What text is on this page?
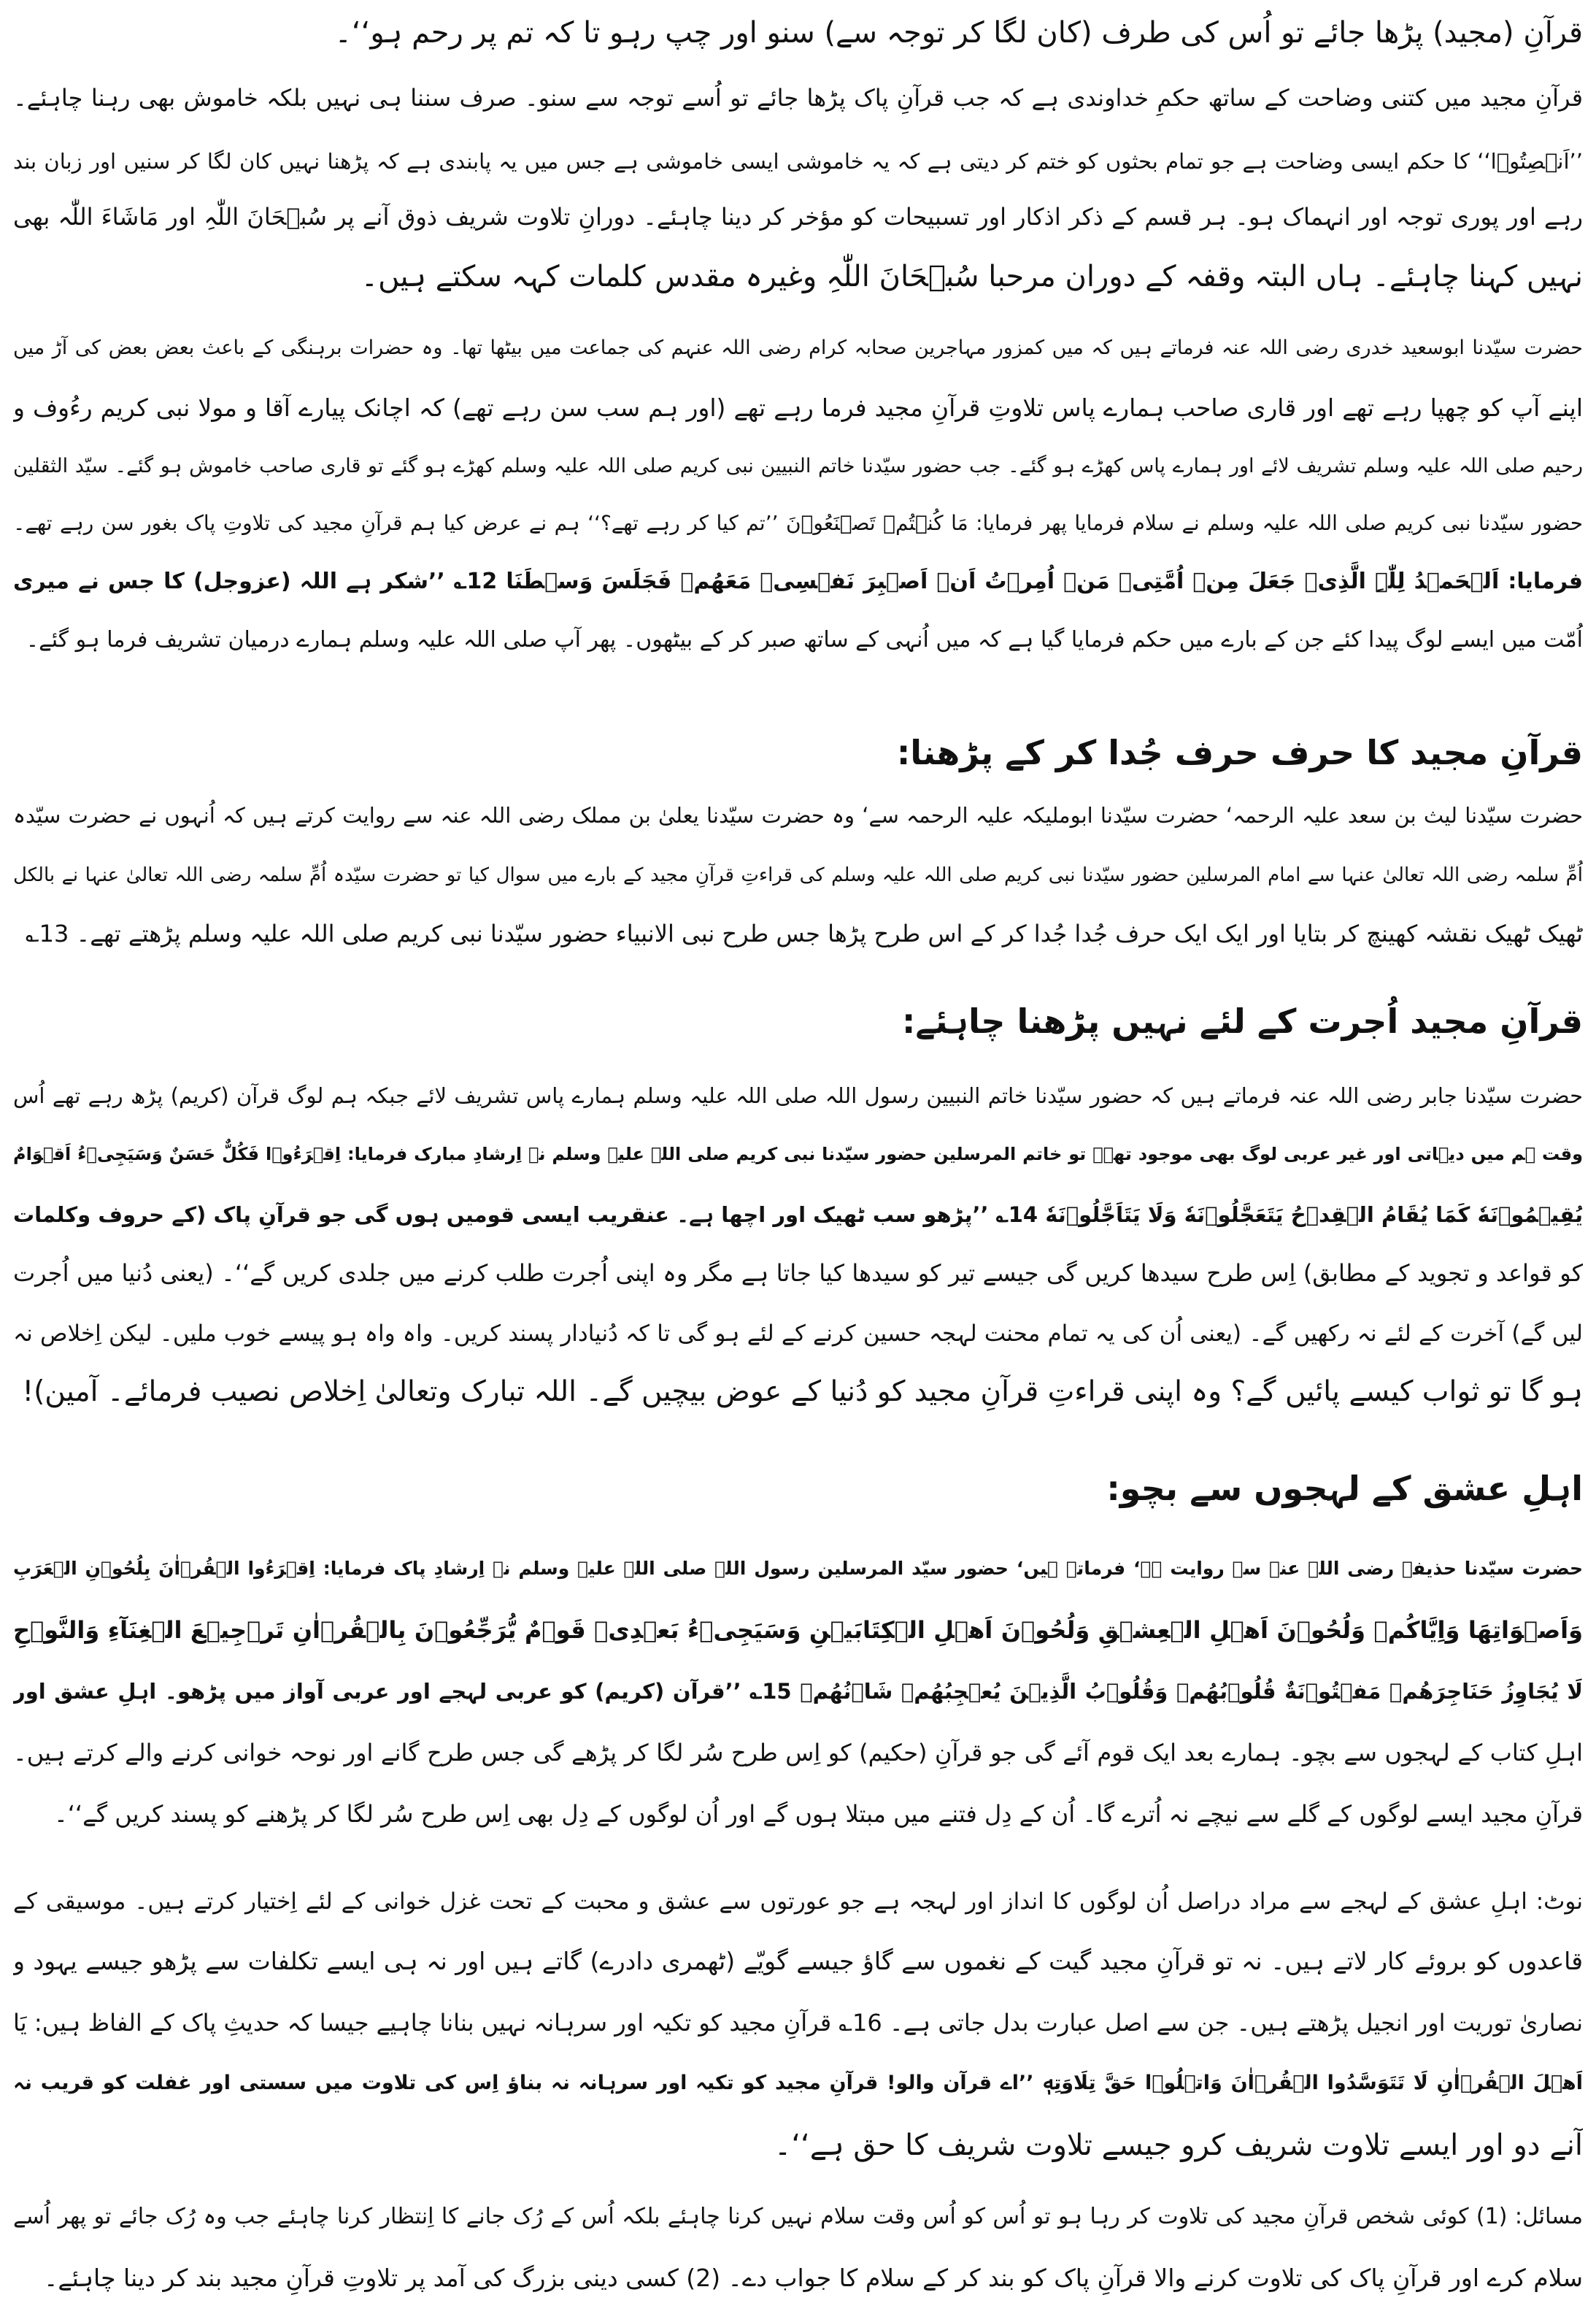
قرآنِ (مجید) پڑھا جائے تو اُس کی طرف (کان لگا کر توجہ سے) سنو اور چپ رہو تا کہ تم پر رحم ہو‘‘۔
قرآنِ مجید میں کتنی وضاحت کے ساتھ حکمِ خداوندی ہے کہ جب قرآنِ پاک پڑھا جائے تو اُسے توجہ سے سنو۔ صرف سننا ہی نہیں بلکہ خاموش بھی رہنا چاہئے۔
’’اَنۡصِتُوۡا‘‘ کا حکم ایسی وضاحت ہے جو تمام بحثوں کو ختم کر دیتی ہے کہ یہ خاموشی ایسی خاموشی ہے جس میں یہ پابندی ہے کہ پڑھنا نہیں کان لگا کر سنیں اور زبان بند
رہے اور پوری توجہ اور انہماک ہو۔ ہر قسم کے ذکر اذکار اور تسبیحات کو مؤخر کر دینا چاہئے۔ دورانِ تلاوت شریف ذوق آنے پر سُبۡحَانَ اللّٰہِ اور مَاشَاءَ اللّٰہ بھی
نہیں کہنا چاہئے۔ ہاں البتہ وقفہ کے دوران مرحبا سُبۡحَانَ اللّٰہِ وغیرہ مقدس کلمات کہہ سکتے ہیں۔
حضرت سیّدنا ابوسعید خدری رضی اللہ عنہ فرماتے ہیں کہ میں کمزور مہاجرین صحابہ کرام رضی اللہ عنہم کی جماعت میں بیٹھا تھا۔ وہ حضرات برہنگی کے باعث بعض بعض کی آڑ میں
اپنے آپ کو چھپا رہے تھے اور قاری صاحب ہمارے پاس تلاوتِ قرآنِ مجید فرما رہے تھے (اور ہم سب سن رہے تھے) کہ اچانک پیارے آقا و مولا نبی کریم رءُوف و
رحیم صلی اللہ علیہ وسلم تشریف لائے اور ہمارے پاس کھڑے ہو گئے۔ جب حضور سیّدنا خاتم النبیین نبی کریم صلی اللہ علیہ وسلم کھڑے ہو گئے تو قاری صاحب خاموش ہو گئے۔ سیّد الثقلین
حضور سیّدنا نبی کریم صلی اللہ علیہ وسلم نے سلام فرمایا پھر فرمایا: مَا کُنۡتُمۡ تَصۡنَعُوۡنَ ’’تم کیا کر رہے تھے؟‘‘ ہم نے عرض کیا ہم قرآنِ مجید کی تلاوتِ پاک بغور سن رہے تھے۔
فرمایا: اَلۡحَمۡدُ لِلّٰہِ الَّذِیۡ جَعَلَ مِنۡ اُمَّتِیۡ مَنۡ اُمِرۡتُ اَنۡ اَصۡبِرَ نَفۡسِیۡ مَعَهُمۡ فَجَلَسَ وَسۡطَنَا 12؎ ’’شکر ہے اللہ (عزوجل) کا جس نے میری
اُمّت میں ایسے لوگ پیدا کئے جن کے بارے میں حکم فرمایا گیا ہے کہ میں اُنہی کے ساتھ صبر کر کے بیٹھوں۔ پھر آپ صلی اللہ علیہ وسلم ہمارے درمیان تشریف فرما ہو گئے۔
قرآنِ مجید کا حرف حرف جُدا کر کے پڑھنا:
حضرت سیّدنا لیث بن سعد علیہ الرحمہ‘ حضرت سیّدنا ابوملیکہ علیہ الرحمہ سے‘ وہ حضرت سیّدنا یعلیٰ بن مملک رضی اللہ عنہ سے روایت کرتے ہیں کہ اُنہوں نے حضرت سیّدہ
اُمِّ سلمہ رضی اللہ تعالیٰ عنہا سے امام المرسلین حضور سیّدنا نبی کریم صلی اللہ علیہ وسلم کی قراءتِ قرآنِ مجید کے بارے میں سوال کیا تو حضرت سیّدہ اُمِّ سلمہ رضی اللہ تعالیٰ عنہا نے بالکل
ٹھیک ٹھیک نقشہ کھینچ کر بتایا اور ایک ایک حرف جُدا جُدا کر کے اس طرح پڑھا جس طرح نبی الانبیاء حضور سیّدنا نبی کریم صلی اللہ علیہ وسلم پڑھتے تھے۔ 13؎
قرآنِ مجید اُجرت کے لئے نہیں پڑھنا چاہئے:
حضرت سیّدنا جابر رضی اللہ عنہ فرماتے ہیں کہ حضور سیّدنا خاتم النبیین رسول اللہ صلی اللہ علیہ وسلم ہمارے پاس تشریف لائے جبکہ ہم لوگ قرآن (کریم) پڑھ رہے تھے اُس
وقت ہم میں دیہاتی اور غیر عربی لوگ بھی موجود تھے۔ تو خاتم المرسلین حضور سیّدنا نبی کریم صلی اللہ علیہ وسلم نے اِرشادِ مبارک فرمایا: اِقۡرَءُوۡا فَکُلٌّ حَسَنٌ وَسَیَجِیۡءُ اَقۡوَامٌ
یُقِیۡمُوۡنَهٗ کَمَا یُقَامُ الۡقِدۡحُ یَتَعَجَّلُوۡنَهٗ وَلَا یَتَاَجَّلُوۡنَهٗ 14؎ ’’پڑھو سب ٹھیک اور اچھا ہے۔ عنقریب ایسی قومیں ہوں گی جو قرآنِ پاک (کے حروف وکلمات
کو قواعد و تجوید کے مطابق) اِس طرح سیدھا کریں گی جیسے تیر کو سیدھا کیا جاتا ہے مگر وہ اپنی اُجرت طلب کرنے میں جلدی کریں گے‘‘۔ (یعنی دُنیا میں اُجرت
لیں گے) آخرت کے لئے نہ رکھیں گے۔ (یعنی اُن کی یہ تمام محنت لہجہ حسین کرنے کے لئے ہو گی تا کہ دُنیادار پسند کریں۔ واہ واہ ہو پیسے خوب ملیں۔ لیکن اِخلاص نہ
ہو گا تو ثواب کیسے پائیں گے؟ وہ اپنی قراءتِ قرآنِ مجید کو دُنیا کے عوض بیچیں گے۔ اللہ تبارک وتعالیٰ اِخلاص نصیب فرمائے۔ آمین)!
اہلِ عشق کے لہجوں سے بچو:
حضرت سیّدنا حذیفہ رضی اللہ عنہ سے روایت ہے‘ فرماتے ہیں‘ حضور سیّد المرسلین رسول اللہ صلی اللہ علیہ وسلم نے اِرشادِ پاک فرمایا: اِقۡرَءُوا الۡقُرۡاٰنَ بِلُحُوۡنِ الۡعَرَبِ
وَاَصۡوَاتِهَا وَاِیَّاکُمۡ وَلُحُوۡنَ اَهۡلِ الۡعِشۡقِ وَلُحُوۡنَ اَهۡلِ الۡکِتَابَیۡنِ وَسَیَجِیۡءُ بَعۡدِیۡ قَوۡمٌ یُّرَجِّعُوۡنَ بِالۡقُرۡاٰنِ تَرۡجِیۡعَ الۡغِنَآءِ وَالنَّوۡحِ
لَا یُجَاوِزُ حَنَاجِرَهُمۡ مَفۡتُوۡنَةٌ قُلُوۡبُهُمۡ وَقُلُوۡبُ الَّذِیۡنَ یُعۡجِبُهُمۡ شَاۡنُهُمۡ 15؎ ’’قرآن (کریم) کو عربی لہجے اور عربی آواز میں پڑھو۔ اہلِ عشق اور
اہلِ کتاب کے لہجوں سے بچو۔ ہمارے بعد ایک قوم آئے گی جو قرآنِ (حکیم) کو اِس طرح سُر لگا کر پڑھے گی جس طرح گانے اور نوحہ خوانی کرنے والے کرتے ہیں۔
قرآنِ مجید ایسے لوگوں کے گلے سے نیچے نہ اُترے گا۔ اُن کے دِل فتنے میں مبتلا ہوں گے اور اُن لوگوں کے دِل بھی اِس طرح سُر لگا کر پڑھنے کو پسند کریں گے‘‘۔
نوٹ: اہلِ عشق کے لہجے سے مراد دراصل اُن لوگوں کا انداز اور لہجہ ہے جو عورتوں سے عشق و محبت کے تحت غزل خوانی کے لئے اِختیار کرتے ہیں۔ موسیقی کے
قاعدوں کو بروئے کار لاتے ہیں۔ نہ تو قرآنِ مجید گیت کے نغموں سے گاؤ جیسے گویّے (ٹھمری دادرے) گاتے ہیں اور نہ ہی ایسے تکلفات سے پڑھو جیسے یہود و
نصاریٰ توریت اور انجیل پڑھتے ہیں۔ جن سے اصل عبارت بدل جاتی ہے۔ 16؎ قرآنِ مجید کو تکیہ اور سرہانہ نہیں بنانا چاہیے جیسا کہ حدیثِ پاک کے الفاظ ہیں: یَا
اَهۡلَ الۡقُرۡاٰنِ لَا تَتَوَسَّدُوا الۡقُرۡاٰنَ وَاتۡلُوۡا حَقَّ تِلَاوَتِهٖ ’’اے قرآن والو! قرآنِ مجید کو تکیہ اور سرہانہ نہ بناؤ اِس کی تلاوت میں سستی اور غفلت کو قریب نہ
آنے دو اور ایسے تلاوت شریف کرو جیسے تلاوت شریف کا حق ہے‘‘۔
مسائل: (1) کوئی شخص قرآنِ مجید کی تلاوت کر رہا ہو تو اُس کو اُس وقت سلام نہیں کرنا چاہئے بلکہ اُس کے رُک جانے کا اِنتظار کرنا چاہئے جب وہ رُک جائے تو پھر اُسے
سلام کرے اور قرآنِ پاک کی تلاوت کرنے والا قرآنِ پاک کو بند کر کے سلام کا جواب دے۔ (2) کسی دینی بزرگ کی آمد پر تلاوتِ قرآنِ مجید بند کر دینا چاہئے۔
